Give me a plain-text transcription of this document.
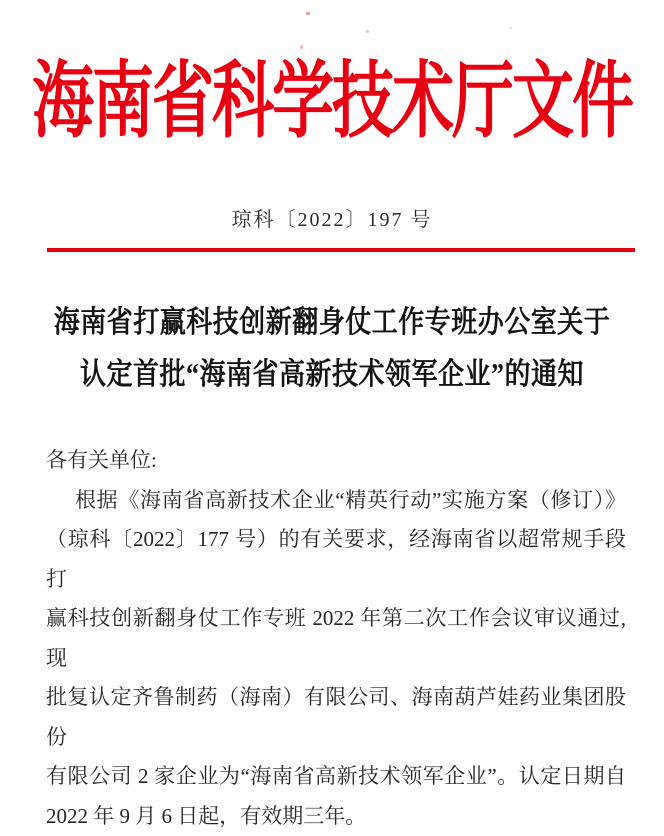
海南省科学技术厅文件
琼科〔2022〕197 号
海南省打赢科技创新翻身仗工作专班办公室关于
认定首批“海南省高新技术领军企业”的通知
各有关单位:
根据《海南省高新技术企业“精英行动”实施方案（修订）》
（琼科〔2022〕177 号）的有关要求，经海南省以超常规手段打
赢科技创新翻身仗工作专班 2022 年第二次工作会议审议通过,现
批复认定齐鲁制药（海南）有限公司、海南葫芦娃药业集团股份
有限公司 2 家企业为“海南省高新技术领军企业”。认定日期自
2022 年 9 月 6 日起，有效期三年。
